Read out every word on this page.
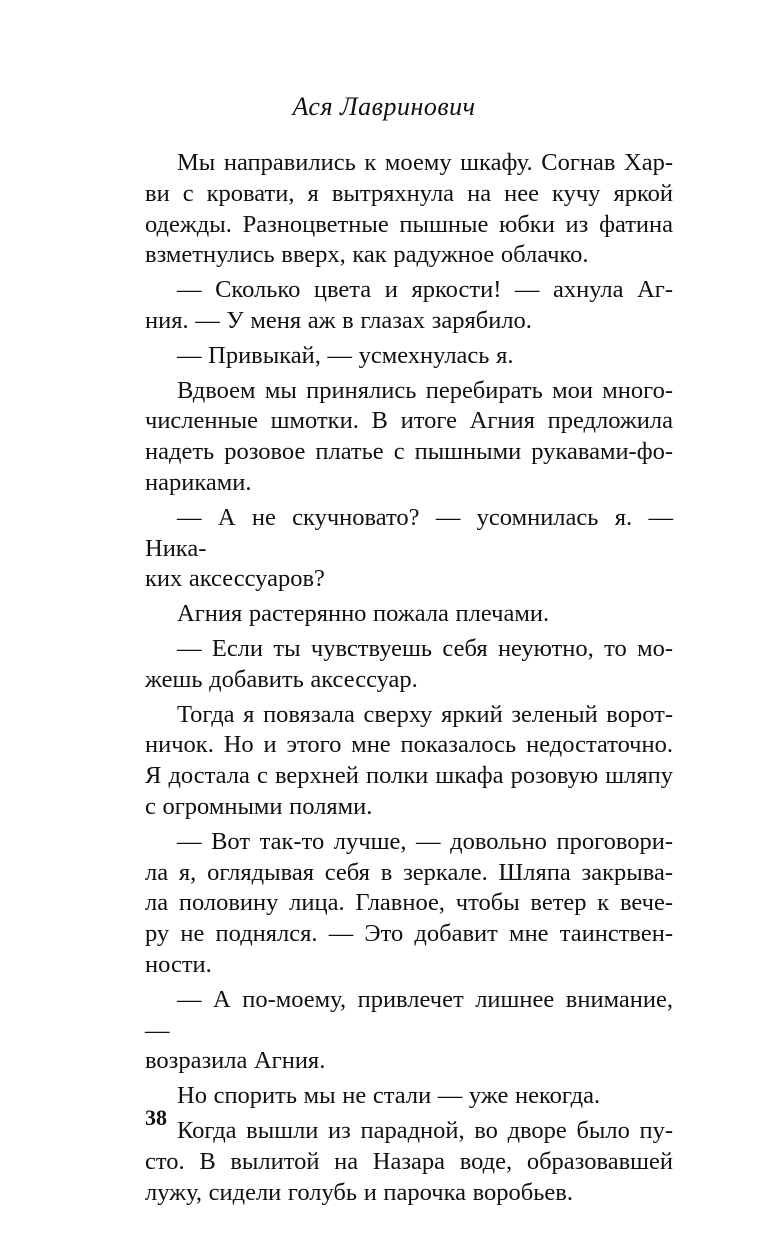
Ася Лавринович
Мы направились к моему шкафу. Согнав Хар-
ви с кровати, я вытряхнула на нее кучу яркой
одежды. Разноцветные пышные юбки из фатина
взметнулись вверх, как радужное облачко.
— Сколько цвета и яркости! — ахнула Аг-
ния. — У меня аж в глазах зарябило.
— Привыкай, — усмехнулась я.
Вдвоем мы принялись перебирать мои много-
численные шмотки. В итоге Агния предложила
надеть розовое платье с пышными рукавами-фо-
нариками.
— А не скучновато? — усомнилась я. — Ника-
ких аксессуаров?
Агния растерянно пожала плечами.
— Если ты чувствуешь себя неуютно, то мо-
жешь добавить аксессуар.
Тогда я повязала сверху яркий зеленый ворот-
ничок. Но и этого мне показалось недостаточно.
Я достала с верхней полки шкафа розовую шляпу
с огромными полями.
— Вот так-то лучше, — довольно проговори-
ла я, оглядывая себя в зеркале. Шляпа закрыва-
ла половину лица. Главное, чтобы ветер к вече-
ру не поднялся. — Это добавит мне таинствен-
ности.
— А по-моему, привлечет лишнее внимание, —
возразила Агния.
Но спорить мы не стали — уже некогда.
Когда вышли из парадной, во дворе было пу-
сто. В вылитой на Назара воде, образовавшей
лужу, сидели голубь и парочка воробьев.
38
